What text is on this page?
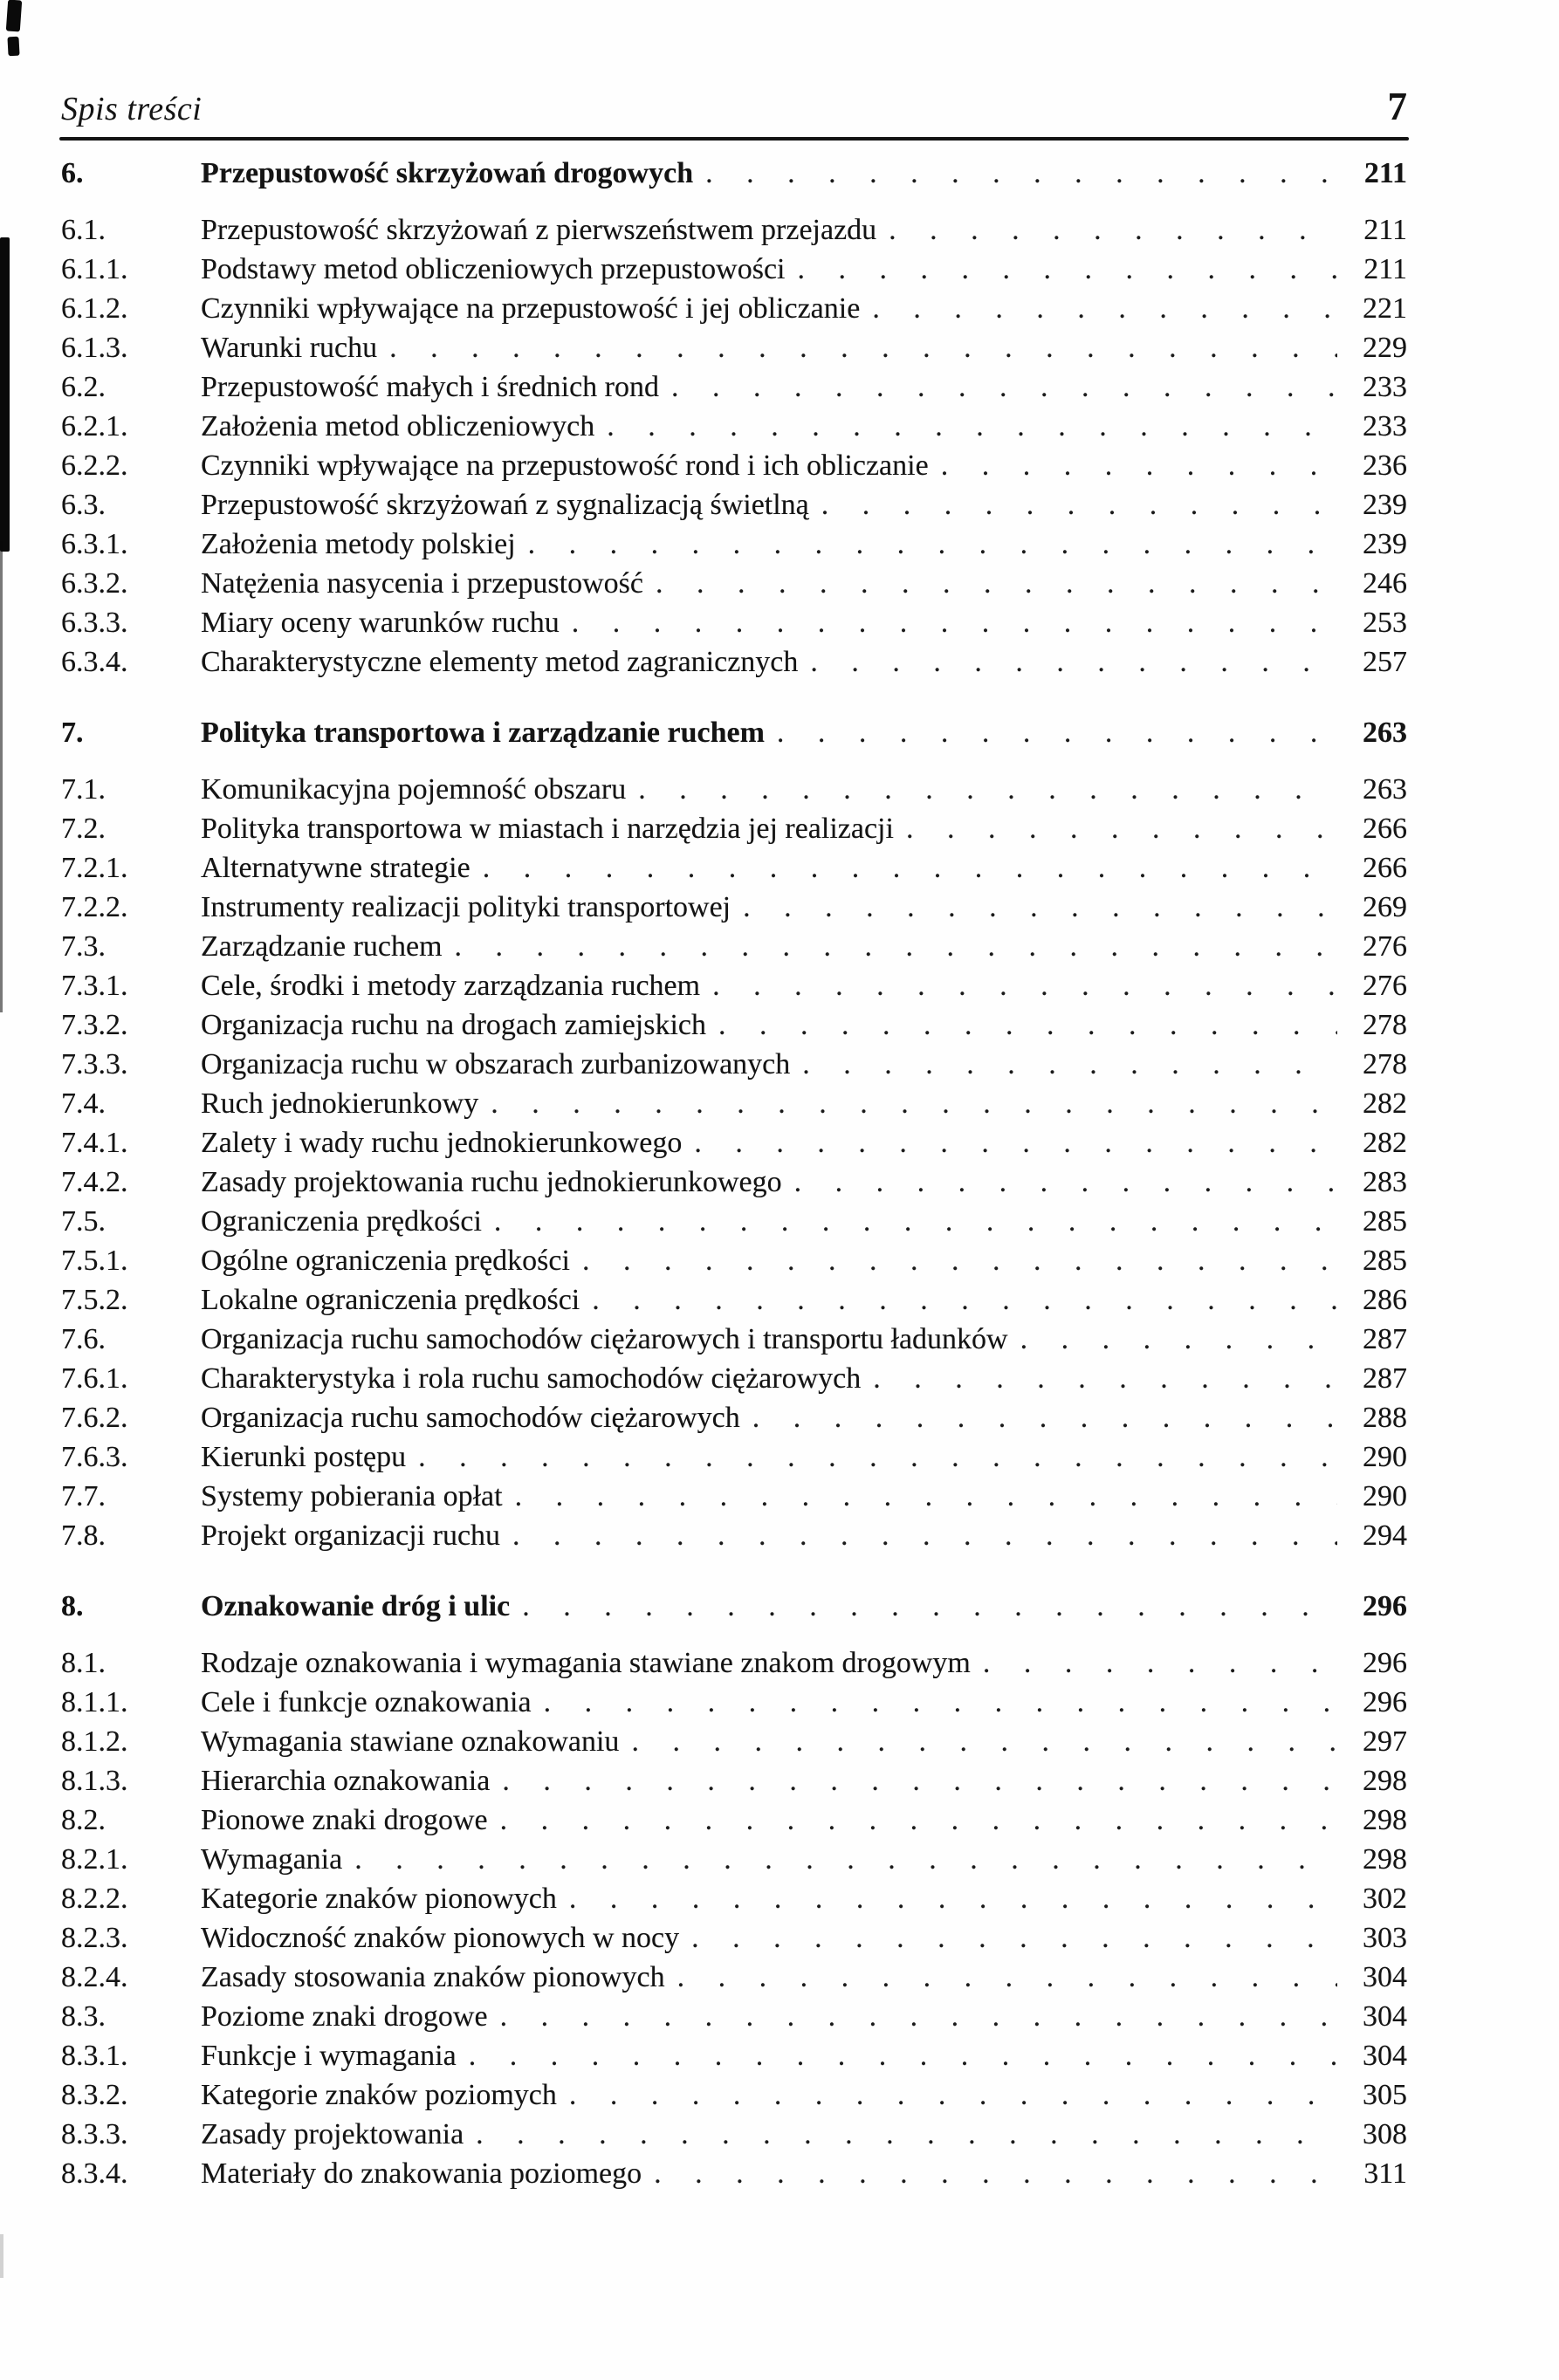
Spis treści	7
6.	Przepustowość skrzyżowań drogowych . . .	211
6.1.	Przepustowość skrzyżowań z pierwszeństwem przejazdu . . .	211
6.1.1.	Podstawy metod obliczeniowych przepustowości . . .	211
6.1.2.	Czynniki wpływające na przepustowość i jej obliczanie . . .	221
6.1.3.	Warunki ruchu . . .	229
6.2.	Przepustowość małych i średnich rond . . .	233
6.2.1.	Założenia metod obliczeniowych . . .	233
6.2.2.	Czynniki wpływające na przepustowość rond i ich obliczanie . . .	236
6.3.	Przepustowość skrzyżowań z sygnalizacją świetlną . . .	239
6.3.1.	Założenia metody polskiej . . .	239
6.3.2.	Natężenia nasycenia i przepustowość . . .	246
6.3.3.	Miary oceny warunków ruchu . . .	253
6.3.4.	Charakterystyczne elementy metod zagranicznych . . .	257
7.	Polityka transportowa i zarządzanie ruchem . . .	263
7.1.	Komunikacyjna pojemność obszaru . . .	263
7.2.	Polityka transportowa w miastach i narzędzia jej realizacji . . .	266
7.2.1.	Alternatywne strategie . . .	266
7.2.2.	Instrumenty realizacji polityki transportowej . . .	269
7.3.	Zarządzanie ruchem . . .	276
7.3.1.	Cele, środki i metody zarządzania ruchem . . .	276
7.3.2.	Organizacja ruchu na drogach zamiejskich . . .	278
7.3.3.	Organizacja ruchu w obszarach zurbanizowanych . . .	278
7.4.	Ruch jednokierunkowy . . .	282
7.4.1.	Zalety i wady ruchu jednokierunkowego . . .	282
7.4.2.	Zasady projektowania ruchu jednokierunkowego . . .	283
7.5.	Ograniczenia prędkości . . .	285
7.5.1.	Ogólne ograniczenia prędkości . . .	285
7.5.2.	Lokalne ograniczenia prędkości . . .	286
7.6.	Organizacja ruchu samochodów ciężarowych i transportu ładunków . . .	287
7.6.1.	Charakterystyka i rola ruchu samochodów ciężarowych . . .	287
7.6.2.	Organizacja ruchu samochodów ciężarowych . . .	288
7.6.3.	Kierunki postępu . . .	290
7.7.	Systemy pobierania opłat . . .	290
7.8.	Projekt organizacji ruchu . . .	294
8.	Oznakowanie dróg i ulic . . .	296
8.1.	Rodzaje oznakowania i wymagania stawiane znakom drogowym . . .	296
8.1.1.	Cele i funkcje oznakowania . . .	296
8.1.2.	Wymagania stawiane oznakowaniu . . .	297
8.1.3.	Hierarchia oznakowania . . .	298
8.2.	Pionowe znaki drogowe . . .	298
8.2.1.	Wymagania . . .	298
8.2.2.	Kategorie znaków pionowych . . .	302
8.2.3.	Widoczność znaków pionowych w nocy . . .	303
8.2.4.	Zasady stosowania znaków pionowych . . .	304
8.3.	Poziome znaki drogowe . . .	304
8.3.1.	Funkcje i wymagania . . .	304
8.3.2.	Kategorie znaków poziomych . . .	305
8.3.3.	Zasady projektowania . . .	308
8.3.4.	Materiały do znakowania poziomego . . .	311
